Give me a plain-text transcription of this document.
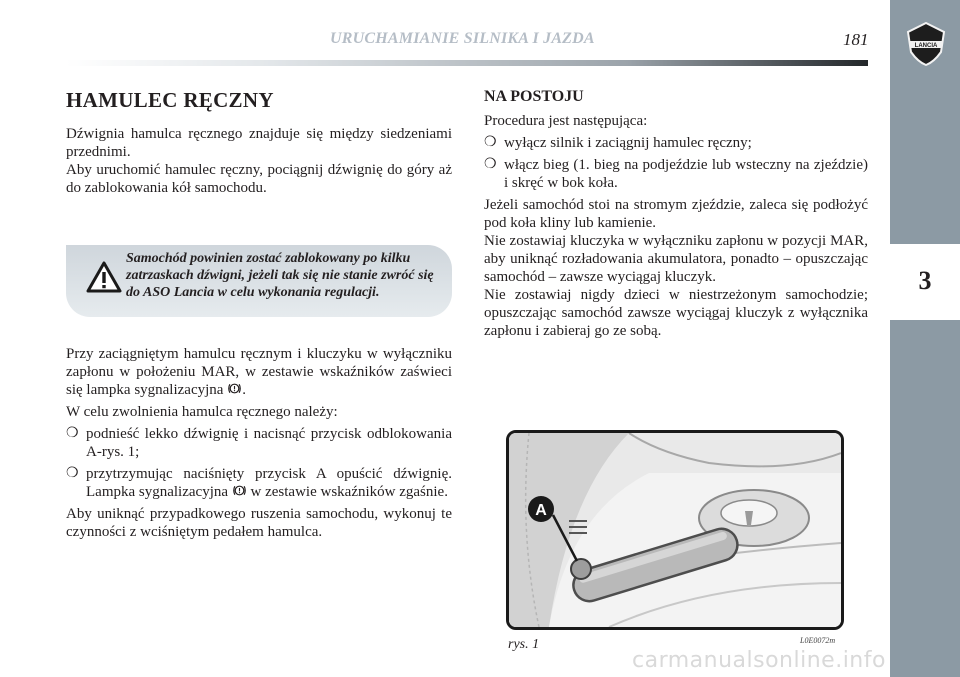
URUCHAMIANIE SILNIKA I JAZDA	181	LANCIA
3
HAMULEC RĘCZNY

Dźwignia hamulca ręcznego znajduje się między siedzeniami przednimi.

Aby uruchomić hamulec ręczny, pociągnij dźwignię do góry aż do zablokowania kół samochodu.

Samochód powinien zostać zablokowany po kilku zatrzaskach dźwigni, jeżeli tak się nie stanie zwróć się do ASO Lancia w celu wykonania regulacji.

Przy zaciągniętym hamulcu ręcznym i kluczyku w wyłączniku zapłonu w położeniu MAR, w zestawie wskaźników zaświeci się lampka sygnalizacyjna .

W celu zwolnienia hamulca ręcznego należy:

❍ podnieść lekko dźwignię i nacisnąć przycisk odblokowania A-rys. 1;
❍ przytrzymując naciśnięty przycisk A opuścić dźwignię. Lampka sygnalizacyjna w zestawie wskaźników zgaśnie.

Aby uniknąć przypadkowego ruszenia samochodu, wykonuj te czynności z wciśniętym pedałem hamulca.

NA POSTOJU

Procedura jest następująca:

❍ wyłącz silnik i zaciągnij hamulec ręczny;
❍ włącz bieg (1. bieg na podjeździe lub wsteczny na zjeździe) i skręć w bok koła.

Jeżeli samochód stoi na stromym zjeździe, zaleca się podłożyć pod koła kliny lub kamienie.

Nie zostawiaj kluczyka w wyłączniku zapłonu w pozycji MAR, aby uniknąć rozładowania akumulatora, ponadto – opuszczając samochód – zawsze wyciągaj kluczyk.

Nie zostawiaj nigdy dzieci w niestrzeżonym samochodzie; opuszczając samochód zawsze wyciągaj kluczyk z wyłącznika zapłonu i zabieraj go ze sobą.

A
rys. 1	L0E0072m
carmanualsonline.info
